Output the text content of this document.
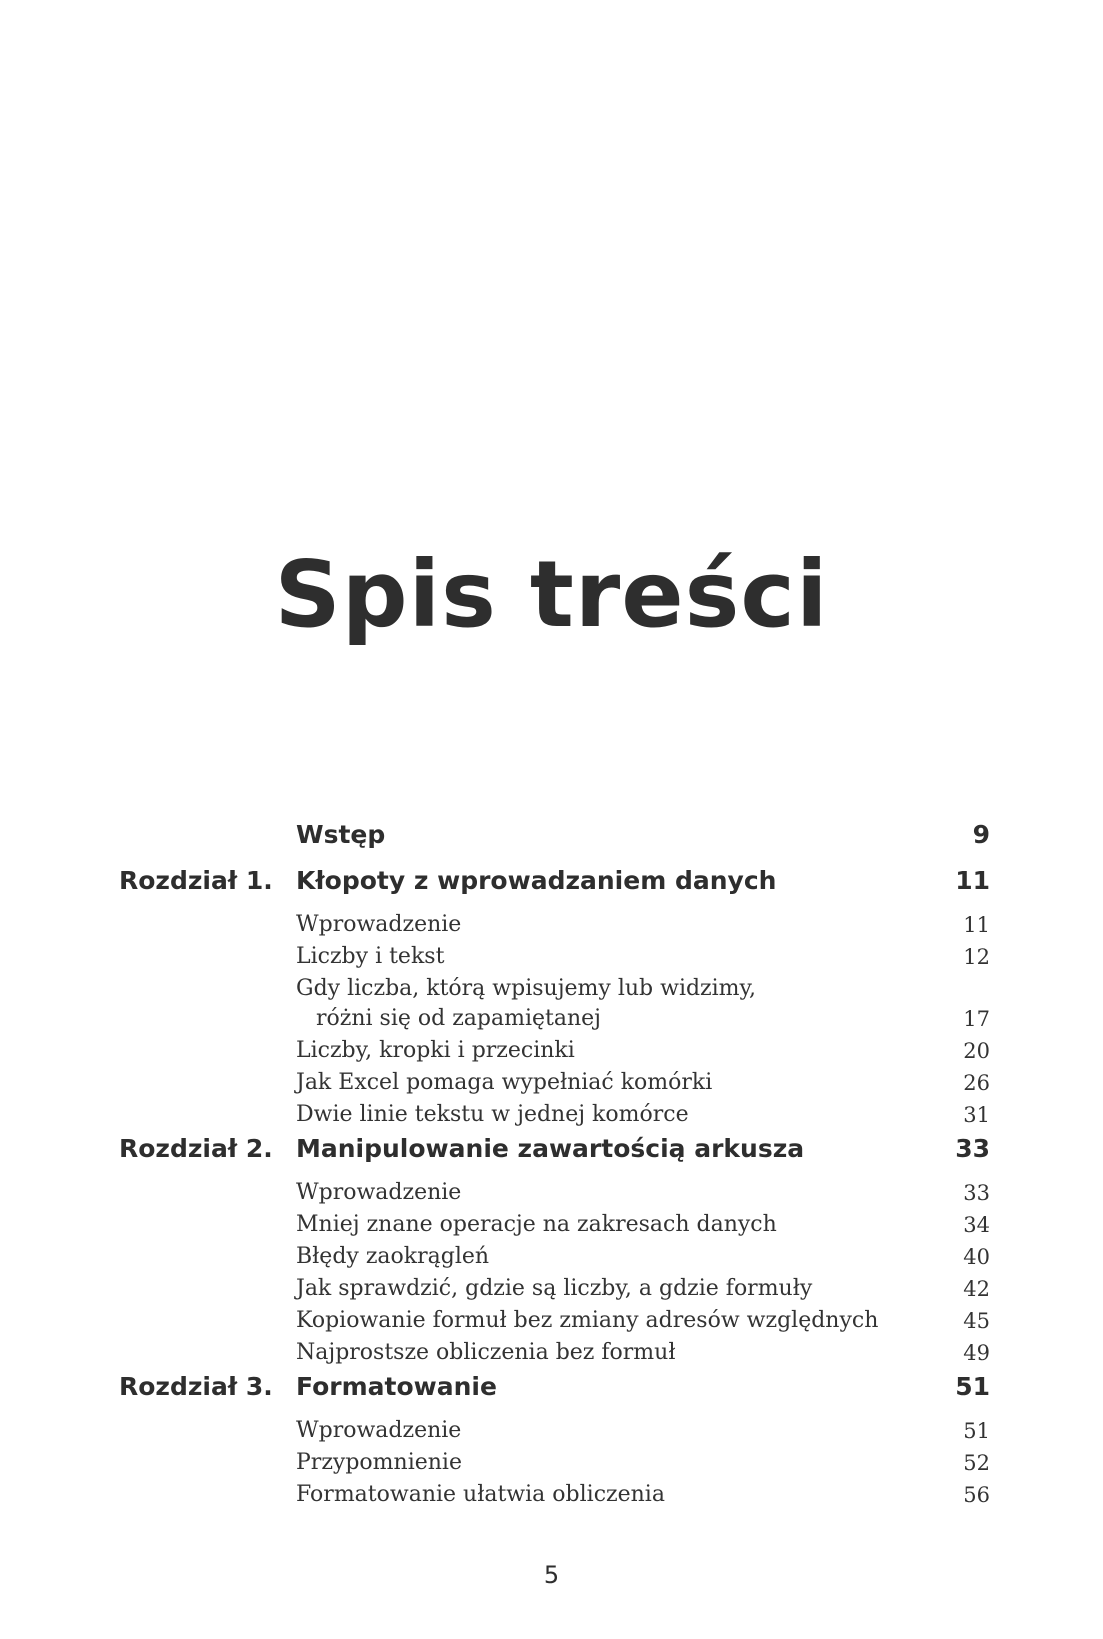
Spis treści
Wstęp	9
Rozdział 1. Kłopoty z wprowadzaniem danych	11
Wprowadzenie	11
Liczby i tekst	12
Gdy liczba, którą wpisujemy lub widzimy,
różni się od zapamiętanej	17
Liczby, kropki i przecinki	20
Jak Excel pomaga wypełniać komórki	26
Dwie linie tekstu w jednej komórce	31
Rozdział 2. Manipulowanie zawartością arkusza	33
Wprowadzenie	33
Mniej znane operacje na zakresach danych	34
Błędy zaokrągleń	40
Jak sprawdzić, gdzie są liczby, a gdzie formuły	42
Kopiowanie formuł bez zmiany adresów względnych	45
Najprostsze obliczenia bez formuł	49
Rozdział 3. Formatowanie	51
Wprowadzenie	51
Przypomnienie	52
Formatowanie ułatwia obliczenia	56
5
